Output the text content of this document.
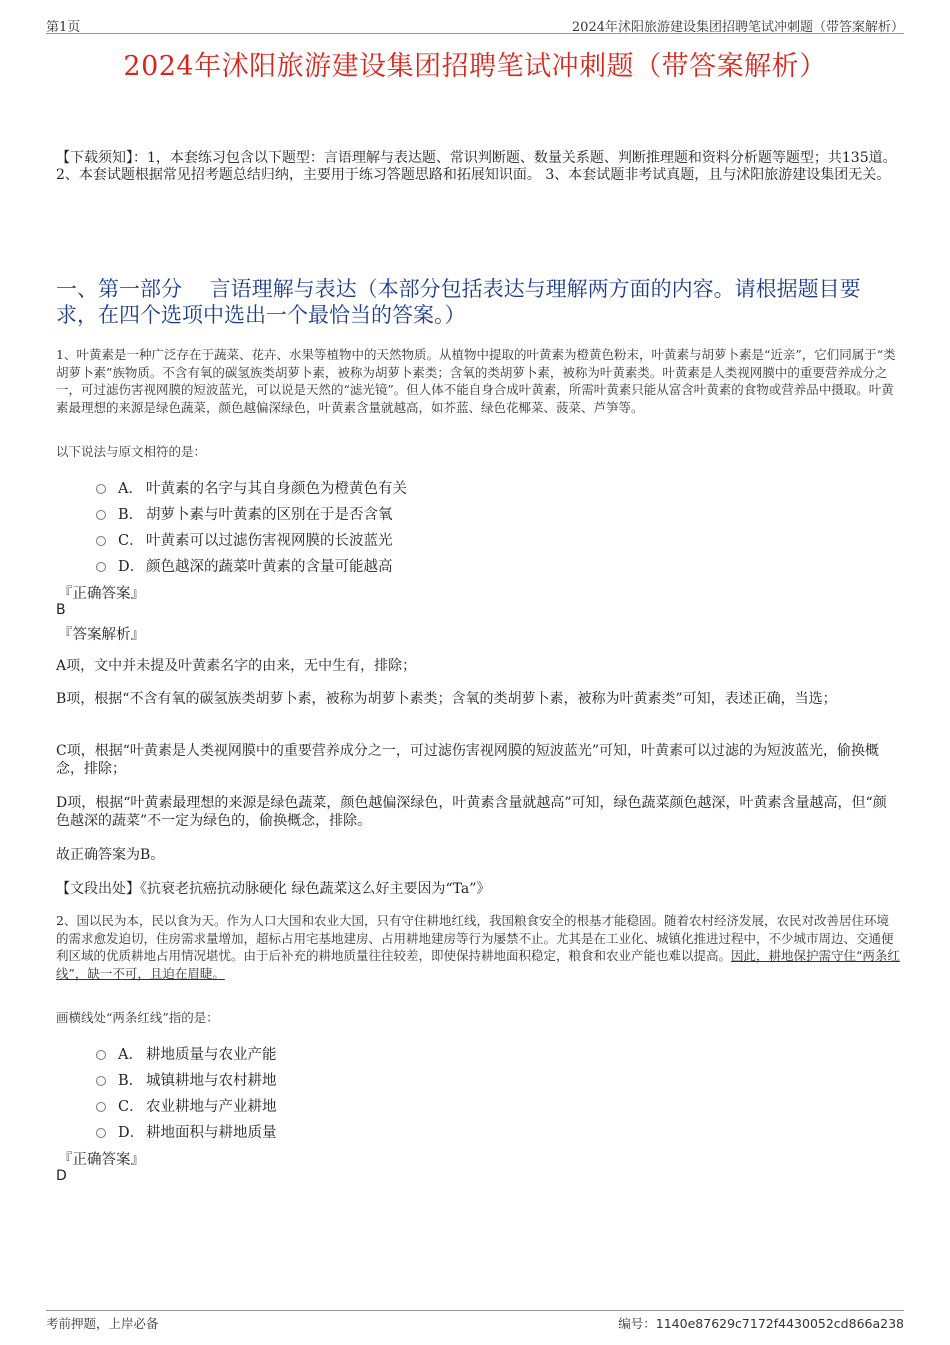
第1页	2024年沭阳旅游建设集团招聘笔试冲刺题（带答案解析）
2024年沭阳旅游建设集团招聘笔试冲刺题（带答案解析）
【下载须知】：1，本套练习包含以下题型：言语理解与表达题、常识判断题、数量关系题、判断推理题和资料分析题等题型；共135道。 2、本套试题根据常见招考题总结归纳，主要用于练习答题思路和拓展知识面。 3、本套试题非考试真题，且与沭阳旅游建设集团无关。
一、第一部分　 言语理解与表达（本部分包括表达与理解两方面的内容。请根据题目要求，在四个选项中选出一个最恰当的答案。）
1、叶黄素是一种广泛存在于蔬菜、花卉、水果等植物中的天然物质。从植物中提取的叶黄素为橙黄色粉末，叶黄素与胡萝卜素是“近亲”，它们同属于“类胡萝卜素”族物质。不含有氧的碳氢族类胡萝卜素，被称为胡萝卜素类；含氧的类胡萝卜素，被称为叶黄素类。叶黄素是人类视网膜中的重要营养成分之一，可过滤伤害视网膜的短波蓝光，可以说是天然的“滤光镜”。但人体不能自身合成叶黄素，所需叶黄素只能从富含叶黄素的食物或营养品中摄取。叶黄素最理想的来源是绿色蔬菜，颜色越偏深绿色，叶黄素含量就越高，如芥蓝、绿色花椰菜、菠菜、芦笋等。
以下说法与原文相符的是：
A． 叶黄素的名字与其自身颜色为橙黄色有关
B． 胡萝卜素与叶黄素的区别在于是否含氧
C． 叶黄素可以过滤伤害视网膜的长波蓝光
D． 颜色越深的蔬菜叶黄素的含量可能越高
『正确答案』
B
『答案解析』
A项，文中并未提及叶黄素名字的由来，无中生有，排除；
B项，根据“不含有氧的碳氢族类胡萝卜素，被称为胡萝卜素类；含氧的类胡萝卜素，被称为叶黄素类”可知，表述正确，当选；
C项，根据“叶黄素是人类视网膜中的重要营养成分之一，可过滤伤害视网膜的短波蓝光”可知，叶黄素可以过滤的为短波蓝光，偷换概念，排除；
D项，根据“叶黄素最理想的来源是绿色蔬菜，颜色越偏深绿色，叶黄素含量就越高”可知，绿色蔬菜颜色越深，叶黄素含量越高，但“颜色越深的蔬菜”不一定为绿色的，偷换概念，排除。
故正确答案为B。
【文段出处】《抗衰老抗癌抗动脉硬化 绿色蔬菜这么好主要因为“Ta”》
2、国以民为本，民以食为天。作为人口大国和农业大国，只有守住耕地红线，我国粮食安全的根基才能稳固。随着农村经济发展，农民对改善居住环境的需求愈发迫切，住房需求量增加，超标占用宅基地建房、占用耕地建房等行为屡禁不止。尤其是在工业化、城镇化推进过程中，不少城市周边、交通便利区域的优质耕地占用情况堪忧。由于后补充的耕地质量往往较差，即使保持耕地面积稳定，粮食和农业产能也难以提高。因此，耕地保护需守住“两条红线”，缺一不可，且迫在眉睫。
画横线处“两条红线”指的是：
A． 耕地质量与农业产能
B． 城镇耕地与农村耕地
C． 农业耕地与产业耕地
D． 耕地面积与耕地质量
『正确答案』
D
考前押题，上岸必备	编号：1140e87629c7172f4430052cd866a238
